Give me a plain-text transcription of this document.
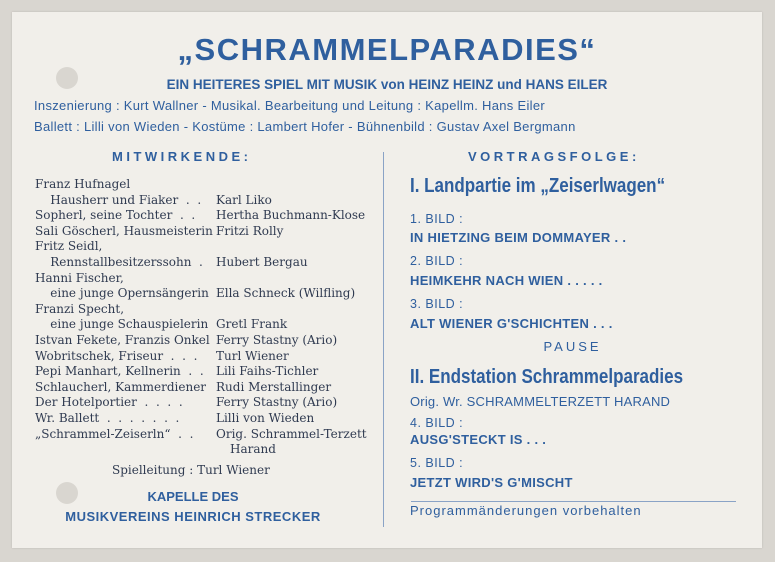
„SCHRAMMELPARADIES“
EIN HEITERES SPIEL MIT MUSIK von HEINZ HEINZ und HANS EILER
Inszenierung : Kurt Wallner - Musikal. Bearbeitung und Leitung : Kapellm. Hans Eiler
Ballett : Lilli von Wieden - Kostüme : Lambert Hofer - Bühnenbild : Gustav Axel Bergmann
MITWIRKENDE:
Franz Hufnagel
Hausherr und Fiaker  .  . Karl Liko
Sopherl, seine Tochter  .  . Hertha Buchmann-Klose
Sali Göscherl, Hausmeisterin Fritzi Rolly
Fritz Seidl,
Rennstallbesitzerssohn  . Hubert Bergau
Hanni Fischer,
eine junge Opernsängerin Ella Schneck (Wilfling)
Franzi Specht,
eine junge Schauspielerin Gretl Frank
Istvan Fekete, Franzis Onkel Ferry Stastny (Ario)
Wobritschek, Friseur  .  .  . Turl Wiener
Pepi Manhart, Kellnerin  .  . Lili Faihs-Tichler
Schlaucherl, Kammerdiener Rudi Merstallinger
Der Hotelportier  .  .  .  .	Ferry Stastny (Ario)
Wr. Ballett  .  .  .  .  .  .  .	Lilli von Wieden
„Schrammel-Zeiserln“  .  . Orig. Schrammel-Terzett
Harand
Spielleitung : Turl Wiener
KAPELLE DES
MUSIKVEREINS HEINRICH STRECKER
VORTRAGSFOLGE:
I. Landpartie im „Zeiserlwagen“
1. BILD :
IN HIETZING BEIM DOMMAYER . .
2. BILD :
HEIMKEHR NACH WIEN . . . . .
3. BILD :
ALT WIENER G'SCHICHTEN . . .
PAUSE
II. Endstation Schrammelparadies
Orig. Wr. SCHRAMMELTERZETT HARAND
4. BILD :
AUSG'STECKT IS . . .
5. BILD :
JETZT WIRD'S G'MISCHT
Programmänderungen vorbehalten
